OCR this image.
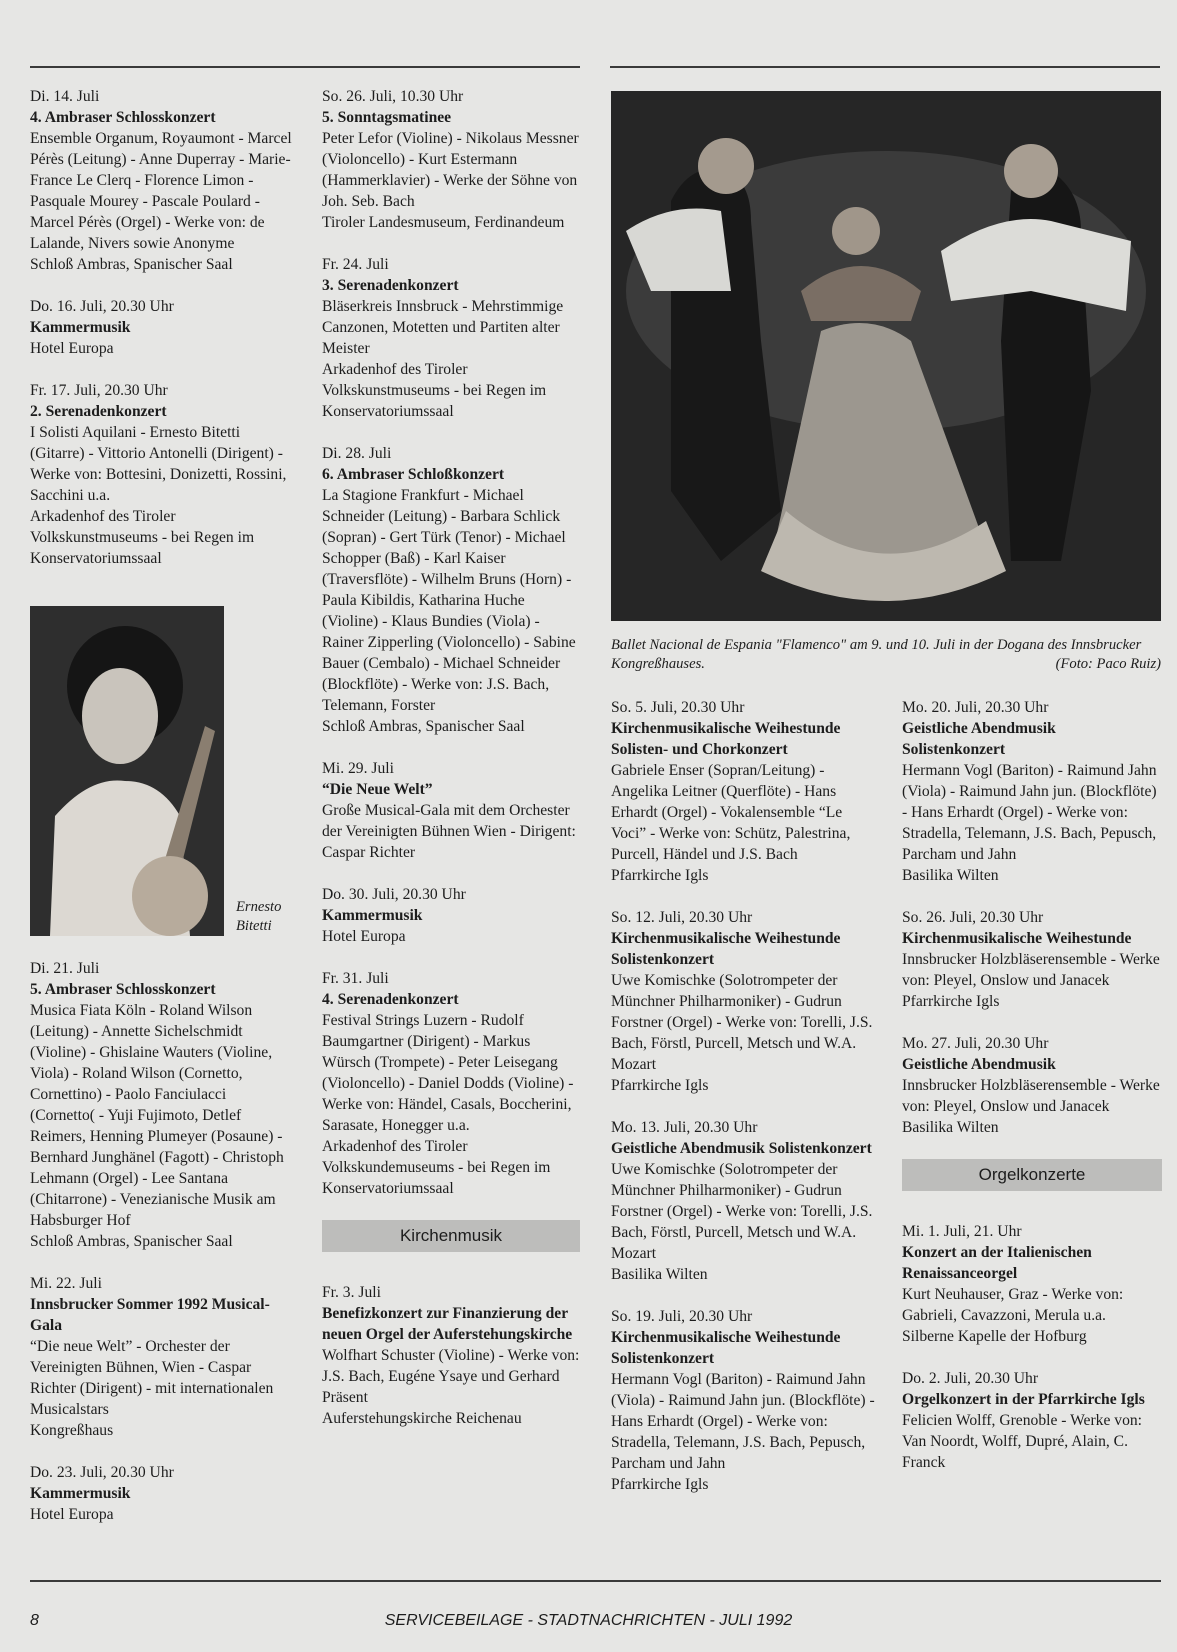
Di. 14. Juli
4. Ambraser Schlosskonzert
Ensemble Organum, Royaumont - Marcel Pérès (Leitung) - Anne Duperray - Marie-France Le Clerq - Florence Limon - Pasquale Mourey - Pascale Poulard - Marcel Pérès (Orgel) - Werke von: de Lalande, Nivers sowie Anonyme
Schloß Ambras, Spanischer Saal
Do. 16. Juli, 20.30 Uhr
Kammermusik
Hotel Europa
Fr. 17. Juli, 20.30 Uhr
2. Serenadenkonzert
I Solisti Aquilani - Ernesto Bitetti (Gitarre) - Vittorio Antonelli (Dirigent) - Werke von: Bottesini, Donizetti, Rossini, Sacchini u.a.
Arkadenhof des Tiroler Volkskunstmuseums - bei Regen im Konservatoriumssaal
Ernesto Bitetti
Di. 21. Juli
5. Ambraser Schlosskonzert
Musica Fiata Köln - Roland Wilson (Leitung) - Annette Sichelschmidt (Violine) - Ghislaine Wauters (Violine, Viola) - Roland Wilson (Cornetto, Cornettino) - Paolo Fanciulacci (Cornetto( - Yuji Fujimoto, Detlef Reimers, Henning Plumeyer (Posaune) - Bernhard Junghänel (Fagott) - Christoph Lehmann (Orgel) - Lee Santana (Chitarrone) - Venezianische Musik am Habsburger Hof
Schloß Ambras, Spanischer Saal
Mi. 22. Juli
Innsbrucker Sommer 1992 Musical-Gala
“Die neue Welt” - Orchester der Vereinigten Bühnen, Wien - Caspar Richter (Dirigent) - mit internationalen Musicalstars
Kongreßhaus
Do. 23. Juli, 20.30 Uhr
Kammermusik
Hotel Europa
So. 26. Juli, 10.30 Uhr
5. Sonntagsmatinee
Peter Lefor (Violine) - Nikolaus Messner (Violoncello) - Kurt Estermann (Hammerklavier) - Werke der Söhne von Joh. Seb. Bach
Tiroler Landesmuseum, Ferdinandeum
Fr. 24. Juli
3. Serenadenkonzert
Bläserkreis Innsbruck - Mehrstimmige Canzonen, Motetten und Partiten alter Meister
Arkadenhof des Tiroler Volkskunstmuseums - bei Regen im Konservatoriumssaal
Di. 28. Juli
6. Ambraser Schloßkonzert
La Stagione Frankfurt - Michael Schneider (Leitung) - Barbara Schlick (Sopran) - Gert Türk (Tenor) - Michael Schopper (Baß) - Karl Kaiser (Traversflöte) - Wilhelm Bruns (Horn) - Paula Kibildis, Katharina Huche (Violine) - Klaus Bundies (Viola) - Rainer Zipperling (Violoncello) - Sabine Bauer (Cembalo) - Michael Schneider (Blockflöte) - Werke von: J.S. Bach, Telemann, Forster
Schloß Ambras, Spanischer Saal
Mi. 29. Juli
“Die Neue Welt”
Große Musical-Gala mit dem Orchester der Vereinigten Bühnen Wien - Dirigent: Caspar Richter
Do. 30. Juli, 20.30 Uhr
Kammermusik
Hotel Europa
Fr. 31. Juli
4. Serenadenkonzert
Festival Strings Luzern - Rudolf Baumgartner (Dirigent) - Markus Würsch (Trompete) - Peter Leisegang (Violoncello) - Daniel Dodds (Violine) - Werke von: Händel, Casals, Boccherini, Sarasate, Honegger u.a.
Arkadenhof des Tiroler Volkskundemuseums - bei Regen im Konservatoriumssaal
Kirchenmusik
Fr. 3. Juli
Benefizkonzert zur Finanzierung der neuen Orgel der Auferstehungskirche
Wolfhart Schuster (Violine) - Werke von: J.S. Bach, Eugéne Ysaye und Gerhard Präsent
Auferstehungskirche Reichenau
Ballet Nacional de Espania "Flamenco" am 9. und 10. Juli in der Dogana des Innsbrucker Kongreßhauses.	(Foto: Paco Ruiz)
So. 5. Juli, 20.30 Uhr
Kirchenmusikalische Weihestunde Solisten- und Chorkonzert
Gabriele Enser (Sopran/Leitung) - Angelika Leitner (Querflöte) - Hans Erhardt (Orgel) - Vokalensemble “Le Voci” - Werke von: Schütz, Palestrina, Purcell, Händel und J.S. Bach
Pfarrkirche Igls
So. 12. Juli, 20.30 Uhr
Kirchenmusikalische Weihestunde Solistenkonzert
Uwe Komischke (Solotrompeter der Münchner Philharmoniker) - Gudrun Forstner (Orgel) - Werke von: Torelli, J.S. Bach, Förstl, Purcell, Metsch und W.A. Mozart
Pfarrkirche Igls
Mo. 13. Juli, 20.30 Uhr
Geistliche Abendmusik Solistenkonzert
Uwe Komischke (Solotrompeter der Münchner Philharmoniker) - Gudrun Forstner (Orgel) - Werke von: Torelli, J.S. Bach, Förstl, Purcell, Metsch und W.A. Mozart
Basilika Wilten
So. 19. Juli, 20.30 Uhr
Kirchenmusikalische Weihestunde Solistenkonzert
Hermann Vogl (Bariton) - Raimund Jahn (Viola) - Raimund Jahn jun. (Blockflöte) - Hans Erhardt (Orgel) - Werke von: Stradella, Telemann, J.S. Bach, Pepusch, Parcham und Jahn
Pfarrkirche Igls
Mo. 20. Juli, 20.30 Uhr
Geistliche Abendmusik Solistenkonzert
Hermann Vogl (Bariton) - Raimund Jahn (Viola) - Raimund Jahn jun. (Blockflöte) - Hans Erhardt (Orgel) - Werke von: Stradella, Telemann, J.S. Bach, Pepusch, Parcham und Jahn
Basilika Wilten
So. 26. Juli, 20.30 Uhr
Kirchenmusikalische Weihestunde
Innsbrucker Holzbläserensemble - Werke von: Pleyel, Onslow und Janacek
Pfarrkirche Igls
Mo. 27. Juli, 20.30 Uhr
Geistliche Abendmusik
Innsbrucker Holzbläserensemble - Werke von: Pleyel, Onslow und Janacek
Basilika Wilten
Orgelkonzerte
Mi. 1. Juli, 21. Uhr
Konzert an der Italienischen Renaissanceorgel
Kurt Neuhauser, Graz - Werke von: Gabrieli, Cavazzoni, Merula u.a.
Silberne Kapelle der Hofburg
Do. 2. Juli, 20.30 Uhr
Orgelkonzert in der Pfarrkirche Igls
Felicien Wolff, Grenoble - Werke von: Van Noordt, Wolff, Dupré, Alain, C. Franck
8	SERVICEBEILAGE - STADTNACHRICHTEN - JULI 1992
